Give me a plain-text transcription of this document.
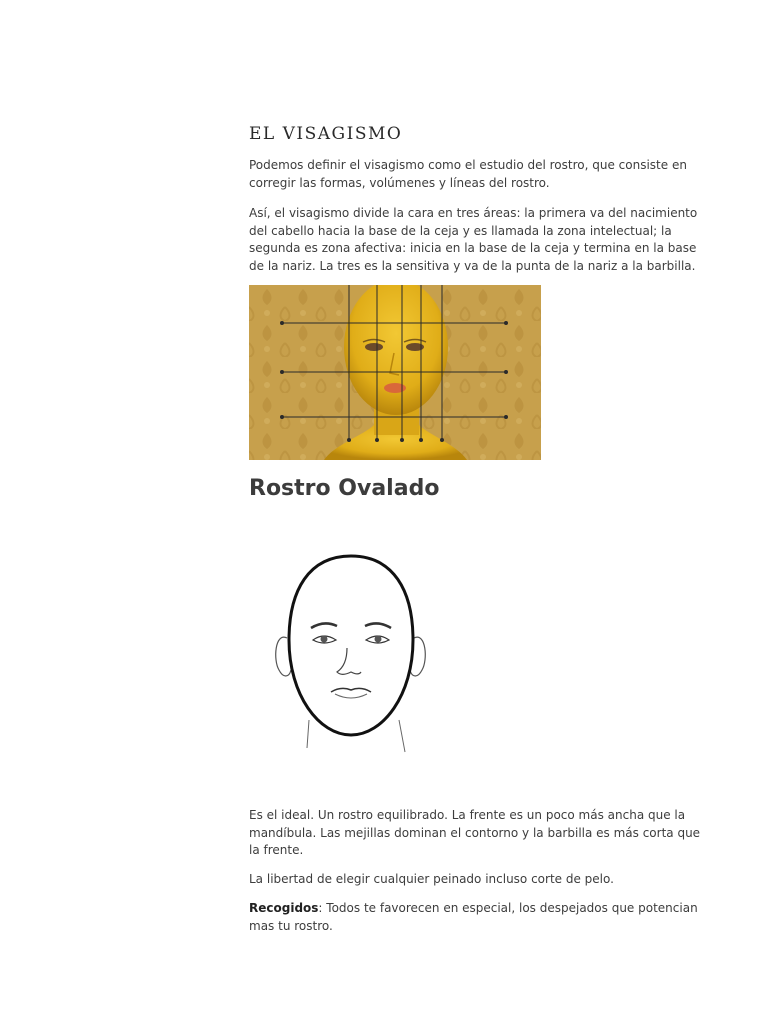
EL VISAGISMO

Podemos definir el visagismo como el estudio del rostro, que consiste en corregir las formas, volúmenes y líneas del rostro.

Así, el visagismo divide la cara en tres áreas: la primera va del nacimiento del cabello hacia la base de la ceja y es llamada la zona intelectual; la segunda es zona afectiva: inicia en la base de la ceja y termina en la base de la nariz. La tres es la sensitiva y va de la punta de la nariz a la barbilla.

Rostro Ovalado

Es el ideal. Un rostro equilibrado. La frente es un poco más ancha que la mandíbula. Las mejillas dominan el contorno y la barbilla es más corta que la frente.

La libertad de elegir cualquier peinado incluso corte de pelo.

Recogidos: Todos te favorecen en especial, los despejados que potencian mas tu rostro.
